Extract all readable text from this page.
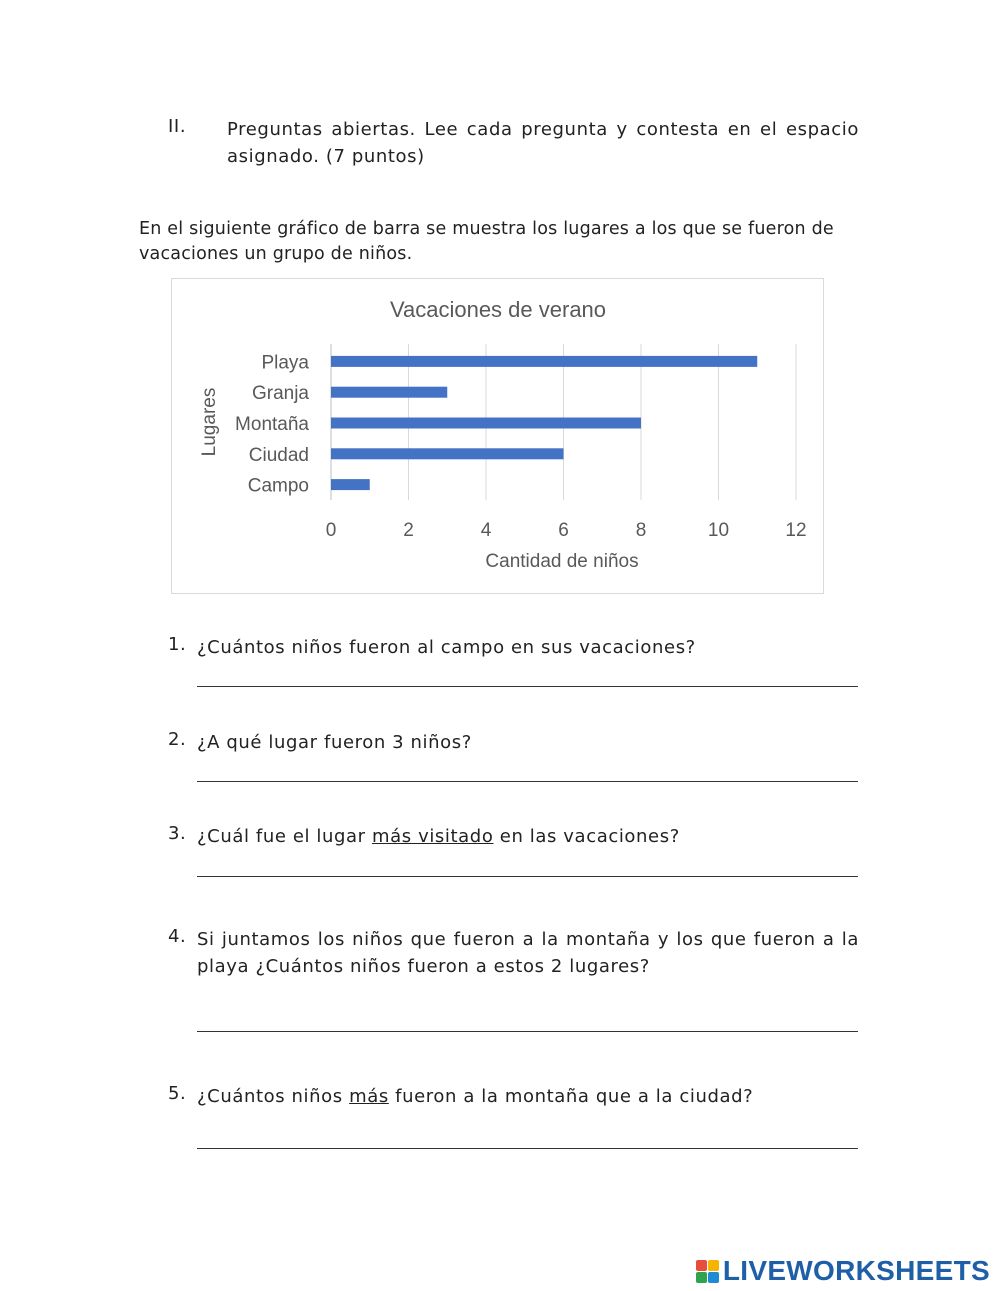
II. Preguntas abiertas. Lee cada pregunta y contesta en el espacio asignado. (7 puntos)
En el siguiente gráfico de barra se muestra los lugares a los que se fueron de vacaciones un grupo de niños.
0	2	4	6	8	10	12
Playa
Granja
Montaña
Ciudad
Campo
Vacaciones de verano
Cantidad de niños
Lugares
1. ¿Cuántos niños fueron al campo en sus vacaciones?
2. ¿A qué lugar fueron 3 niños?
3. ¿Cuál fue el lugar más visitado en las vacaciones?
4. Si juntamos los niños que fueron a la montaña y los que fueron a la playa ¿Cuántos niños fueron a estos 2 lugares?
5. ¿Cuántos niños más fueron a la montaña que a la ciudad?
LIVEWORKSHEETS
